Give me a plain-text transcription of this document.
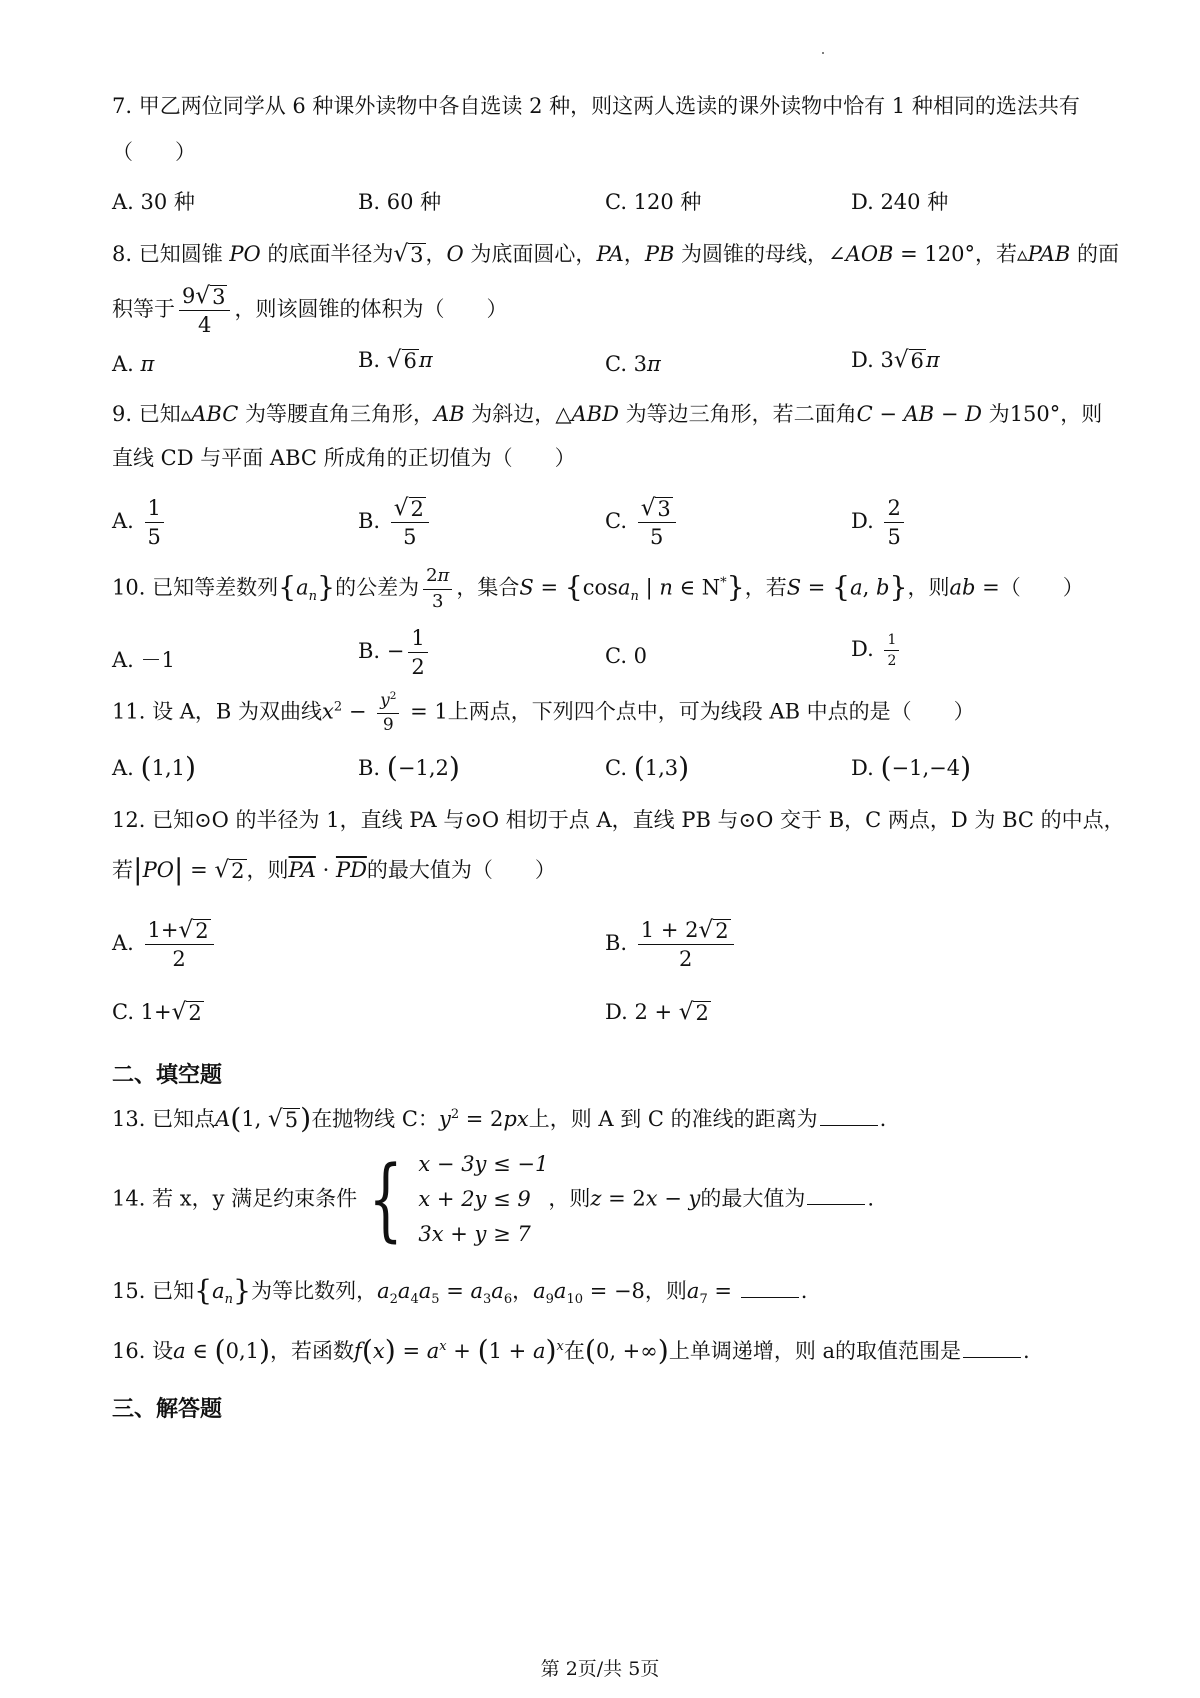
7. 甲乙两位同学从 6 种课外读物中各自选读 2 种，则这两人选读的课外读物中恰有 1 种相同的选法共有
（　　）
A. 30 种	B. 60 种	C. 120 种	D. 240 种
8. 已知圆锥 PO 的底面半径为 √ 3 ，O 为底面圆心，PA，PB 为圆锥的母线，∠AOB = 120°，若▵PAB 的面
积等于 $\frac{9 √ 3}{4}$ ，则该圆锥的体积为（　　）
A. π	B. √ 6 π	C. 3π	D. 3 √ 6 π
9. 已知▵ABC 为等腰直角三角形，AB 为斜边，△ABD 为等边三角形，若二面角C − AB − D 为150°，则
直线 CD 与平面 ABC 所成角的正切值为（　　）
A. $\frac{1}{5}$	B. $\frac{√ 2}{5}$	C. $\frac{√ 3}{5}$	D. $\frac{2}{5}$
10. 已知等差数列$\{a_n\}$的公差为 $\frac{2\pi}{3}$ ，集合S = {cosa$_n$ | n ∈ N*}，若S = {a, b}，则ab =（　　）
A. －1	B. − $\frac{1}{2}$	C. 0	D. $\frac{1}{2}$
11. 设 A，B 为双曲线$x^2 - \frac{y^2}{9} = 1$上两点，下列四个点中，可为线段 AB 中点的是（　　）
A. (1,1)	B. (−1,2)	C. (1,3)	D. (−1,−4)
12. 已知⊙O 的半径为 1，直线 PA 与⊙O 相切于点 A，直线 PB 与⊙O 交于 B，C 两点，D 为 BC 的中点，
若|PO| = √ 2 ，则$\overline{PA} \cdot \overline{PD}$的最大值为（　　）
A. $\frac{1+ √ 2}{2}$	B. $\frac{1 + 2 √ 2}{2}$
C. 1+ √ 2	D. 2 + √ 2
二、填空题
13. 已知点A(1, √ 5 )在抛物线 C：$y^2 = 2px$上，则 A 到 C 的准线的距离为	.
14. 若 x，y 满足约束条件 { x − 3y ≤ −1
x + 2y ≤ 9
3x + y ≥ 7
，则z = 2x − y的最大值为	.
15. 已知$\{a_n\}$为等比数列，$a_2a_4a_5 = a_3a_6$，$a_9a_{10} = -8$，则$a_7$ =	.
16. 设a ∈ (0,1)，若函数$f(x) = a^x + (1 + a)^x$在(0, +∞)上单调递增，则 a的取值范围是	.
三、解答题
第 2页/共 5页
